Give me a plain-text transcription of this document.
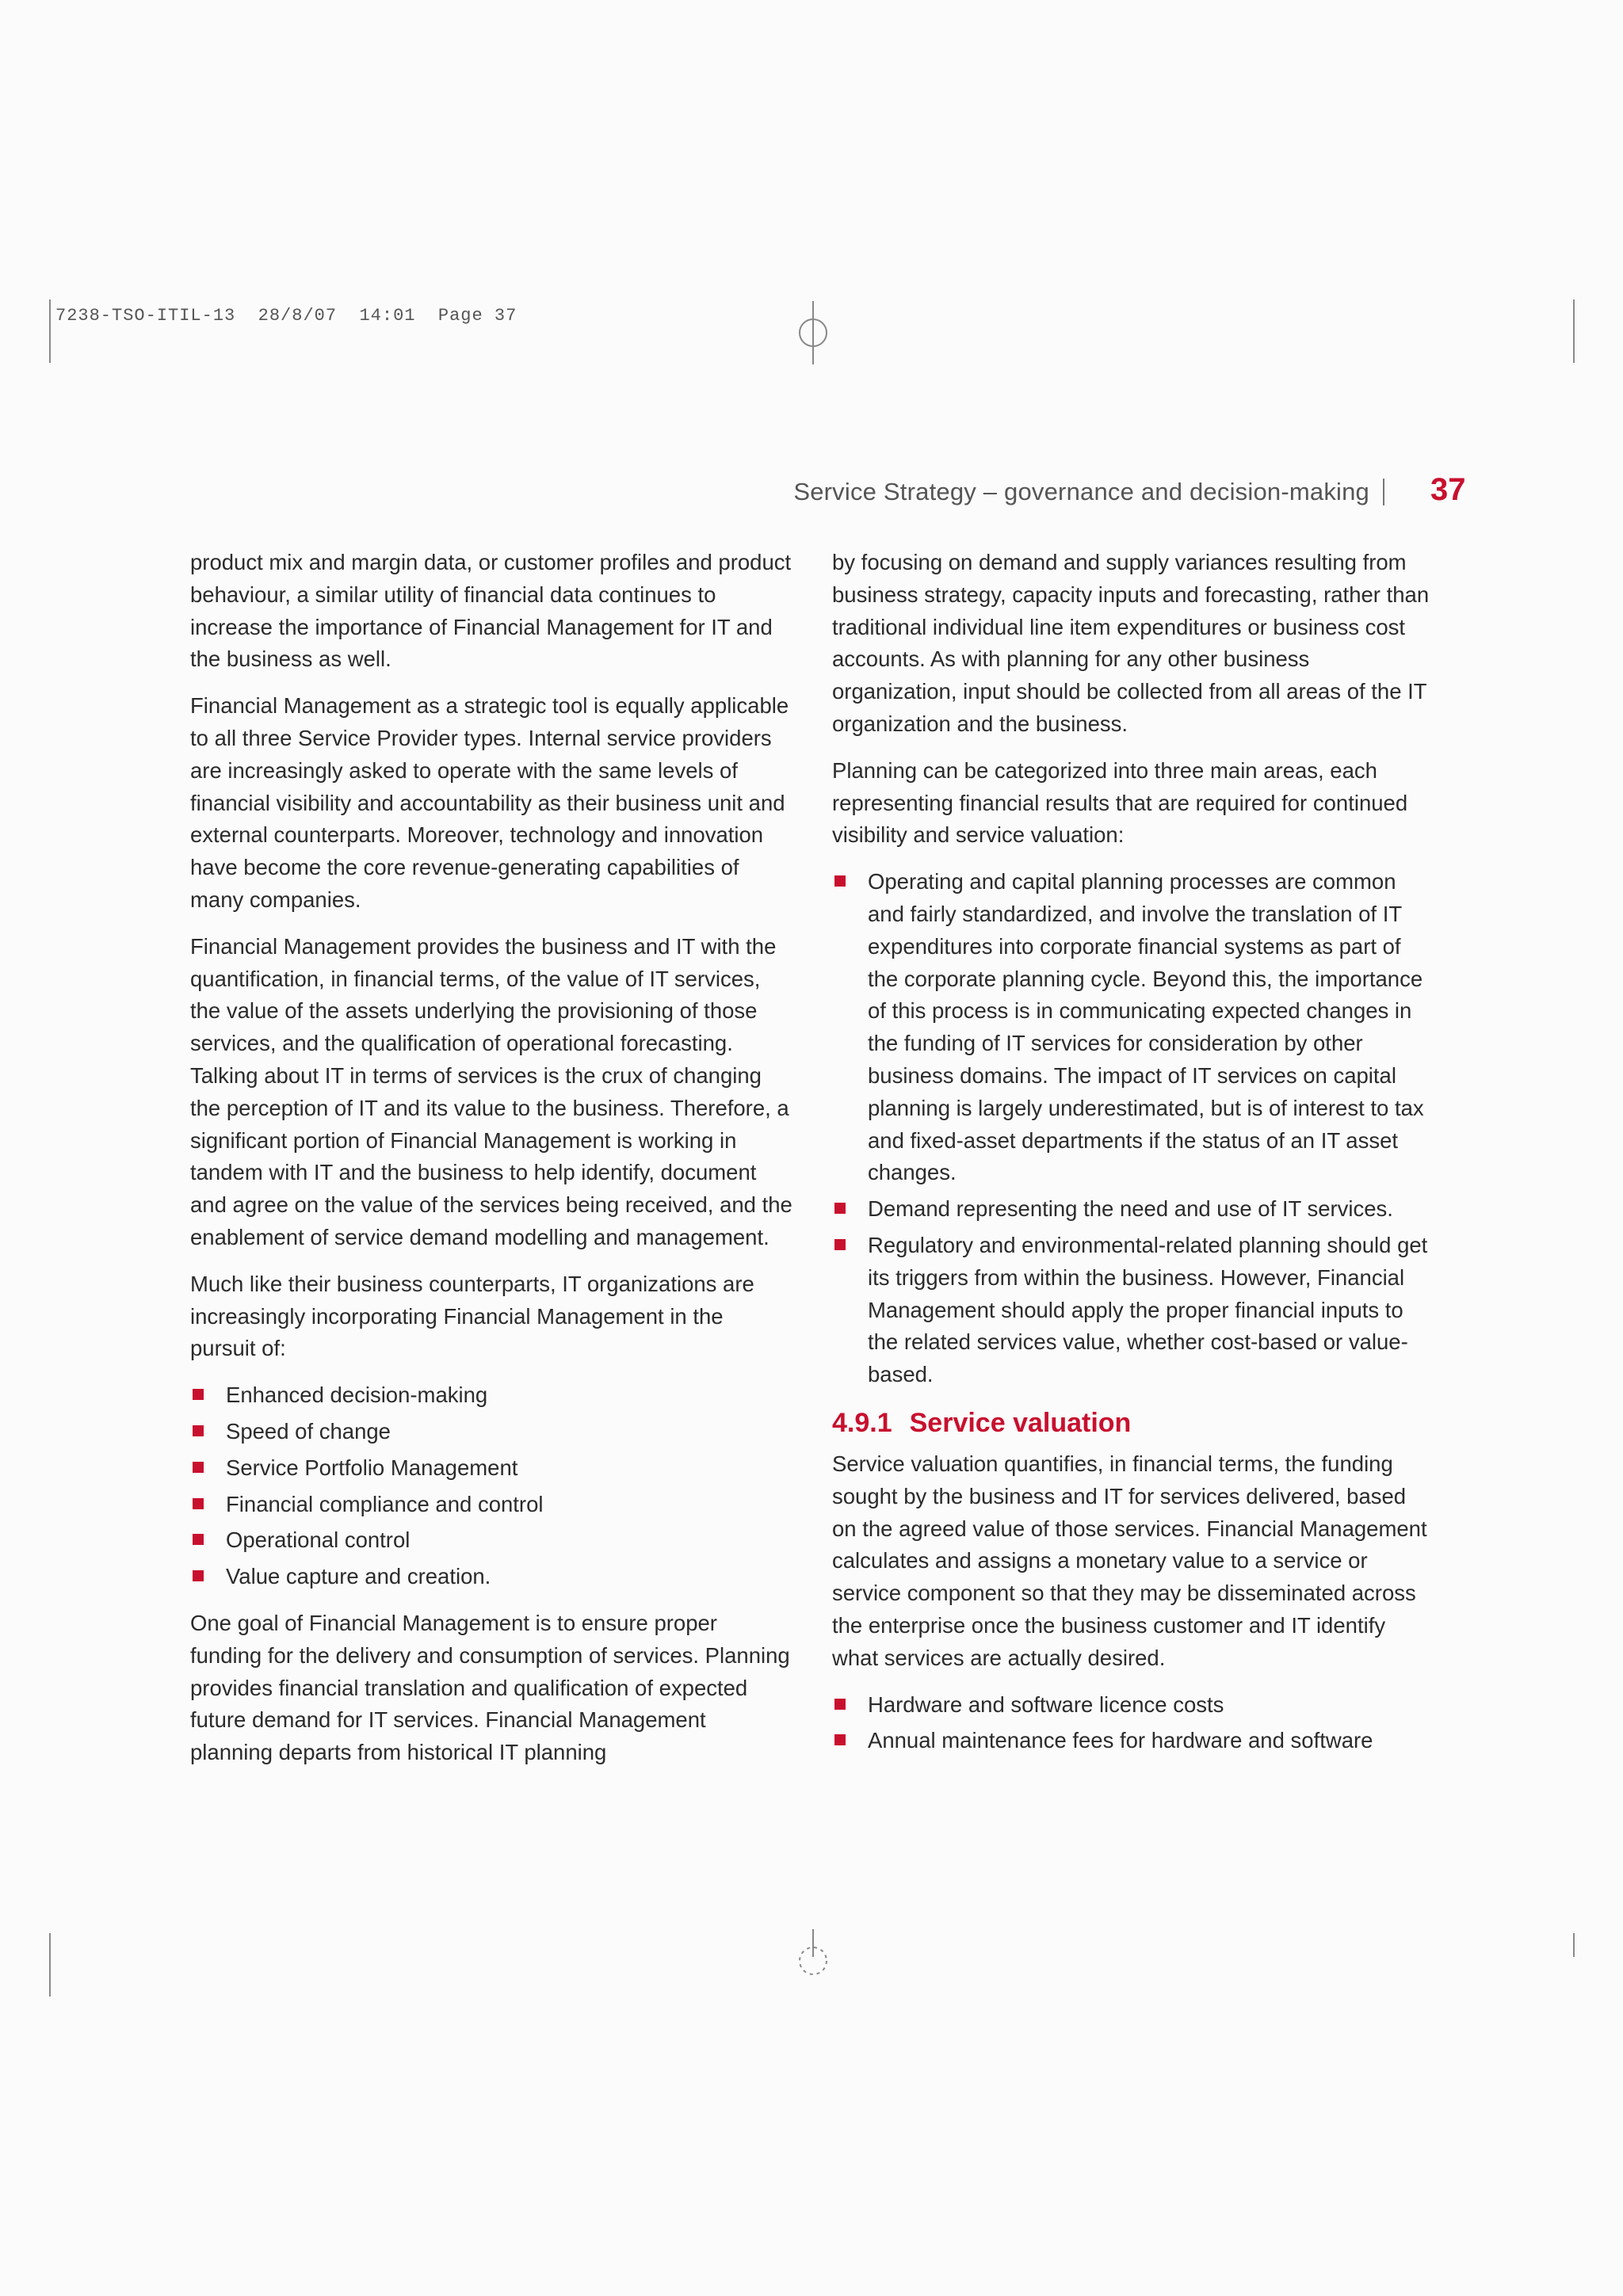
7238-TSO-ITIL-13  28/8/07  14:01  Page 37
Service Strategy – governance and decision-making 37

product mix and margin data, or customer profiles and product behaviour, a similar utility of financial data continues to increase the importance of Financial Management for IT and the business as well.

Financial Management as a strategic tool is equally applicable to all three Service Provider types. Internal service providers are increasingly asked to operate with the same levels of financial visibility and accountability as their business unit and external counterparts. Moreover, technology and innovation have become the core revenue-generating capabilities of many companies.

Financial Management provides the business and IT with the quantification, in financial terms, of the value of IT services, the value of the assets underlying the provisioning of those services, and the qualification of operational forecasting. Talking about IT in terms of services is the crux of changing the perception of IT and its value to the business. Therefore, a significant portion of Financial Management is working in tandem with IT and the business to help identify, document and agree on the value of the services being received, and the enablement of service demand modelling and management.

Much like their business counterparts, IT organizations are increasingly incorporating Financial Management in the pursuit of:

Enhanced decision-making
Speed of change
Service Portfolio Management
Financial compliance and control
Operational control
Value capture and creation.

One goal of Financial Management is to ensure proper funding for the delivery and consumption of services. Planning provides financial translation and qualification of expected future demand for IT services. Financial Management planning departs from historical IT planning

by focusing on demand and supply variances resulting from business strategy, capacity inputs and forecasting, rather than traditional individual line item expenditures or business cost accounts. As with planning for any other business organization, input should be collected from all areas of the IT organization and the business.

Planning can be categorized into three main areas, each representing financial results that are required for continued visibility and service valuation:

Operating and capital planning processes are common and fairly standardized, and involve the translation of IT expenditures into corporate financial systems as part of the corporate planning cycle. Beyond this, the importance of this process is in communicating expected changes in the funding of IT services for consideration by other business domains. The impact of IT services on capital planning is largely underestimated, but is of interest to tax and fixed-asset departments if the status of an IT asset changes.
Demand representing the need and use of IT services.
Regulatory and environmental-related planning should get its triggers from within the business. However, Financial Management should apply the proper financial inputs to the related services value, whether cost-based or value-based.
4.9.1 Service valuation

Service valuation quantifies, in financial terms, the funding sought by the business and IT for services delivered, based on the agreed value of those services. Financial Management calculates and assigns a monetary value to a service or service component so that they may be disseminated across the enterprise once the business customer and IT identify what services are actually desired.

Hardware and software licence costs
Annual maintenance fees for hardware and software
